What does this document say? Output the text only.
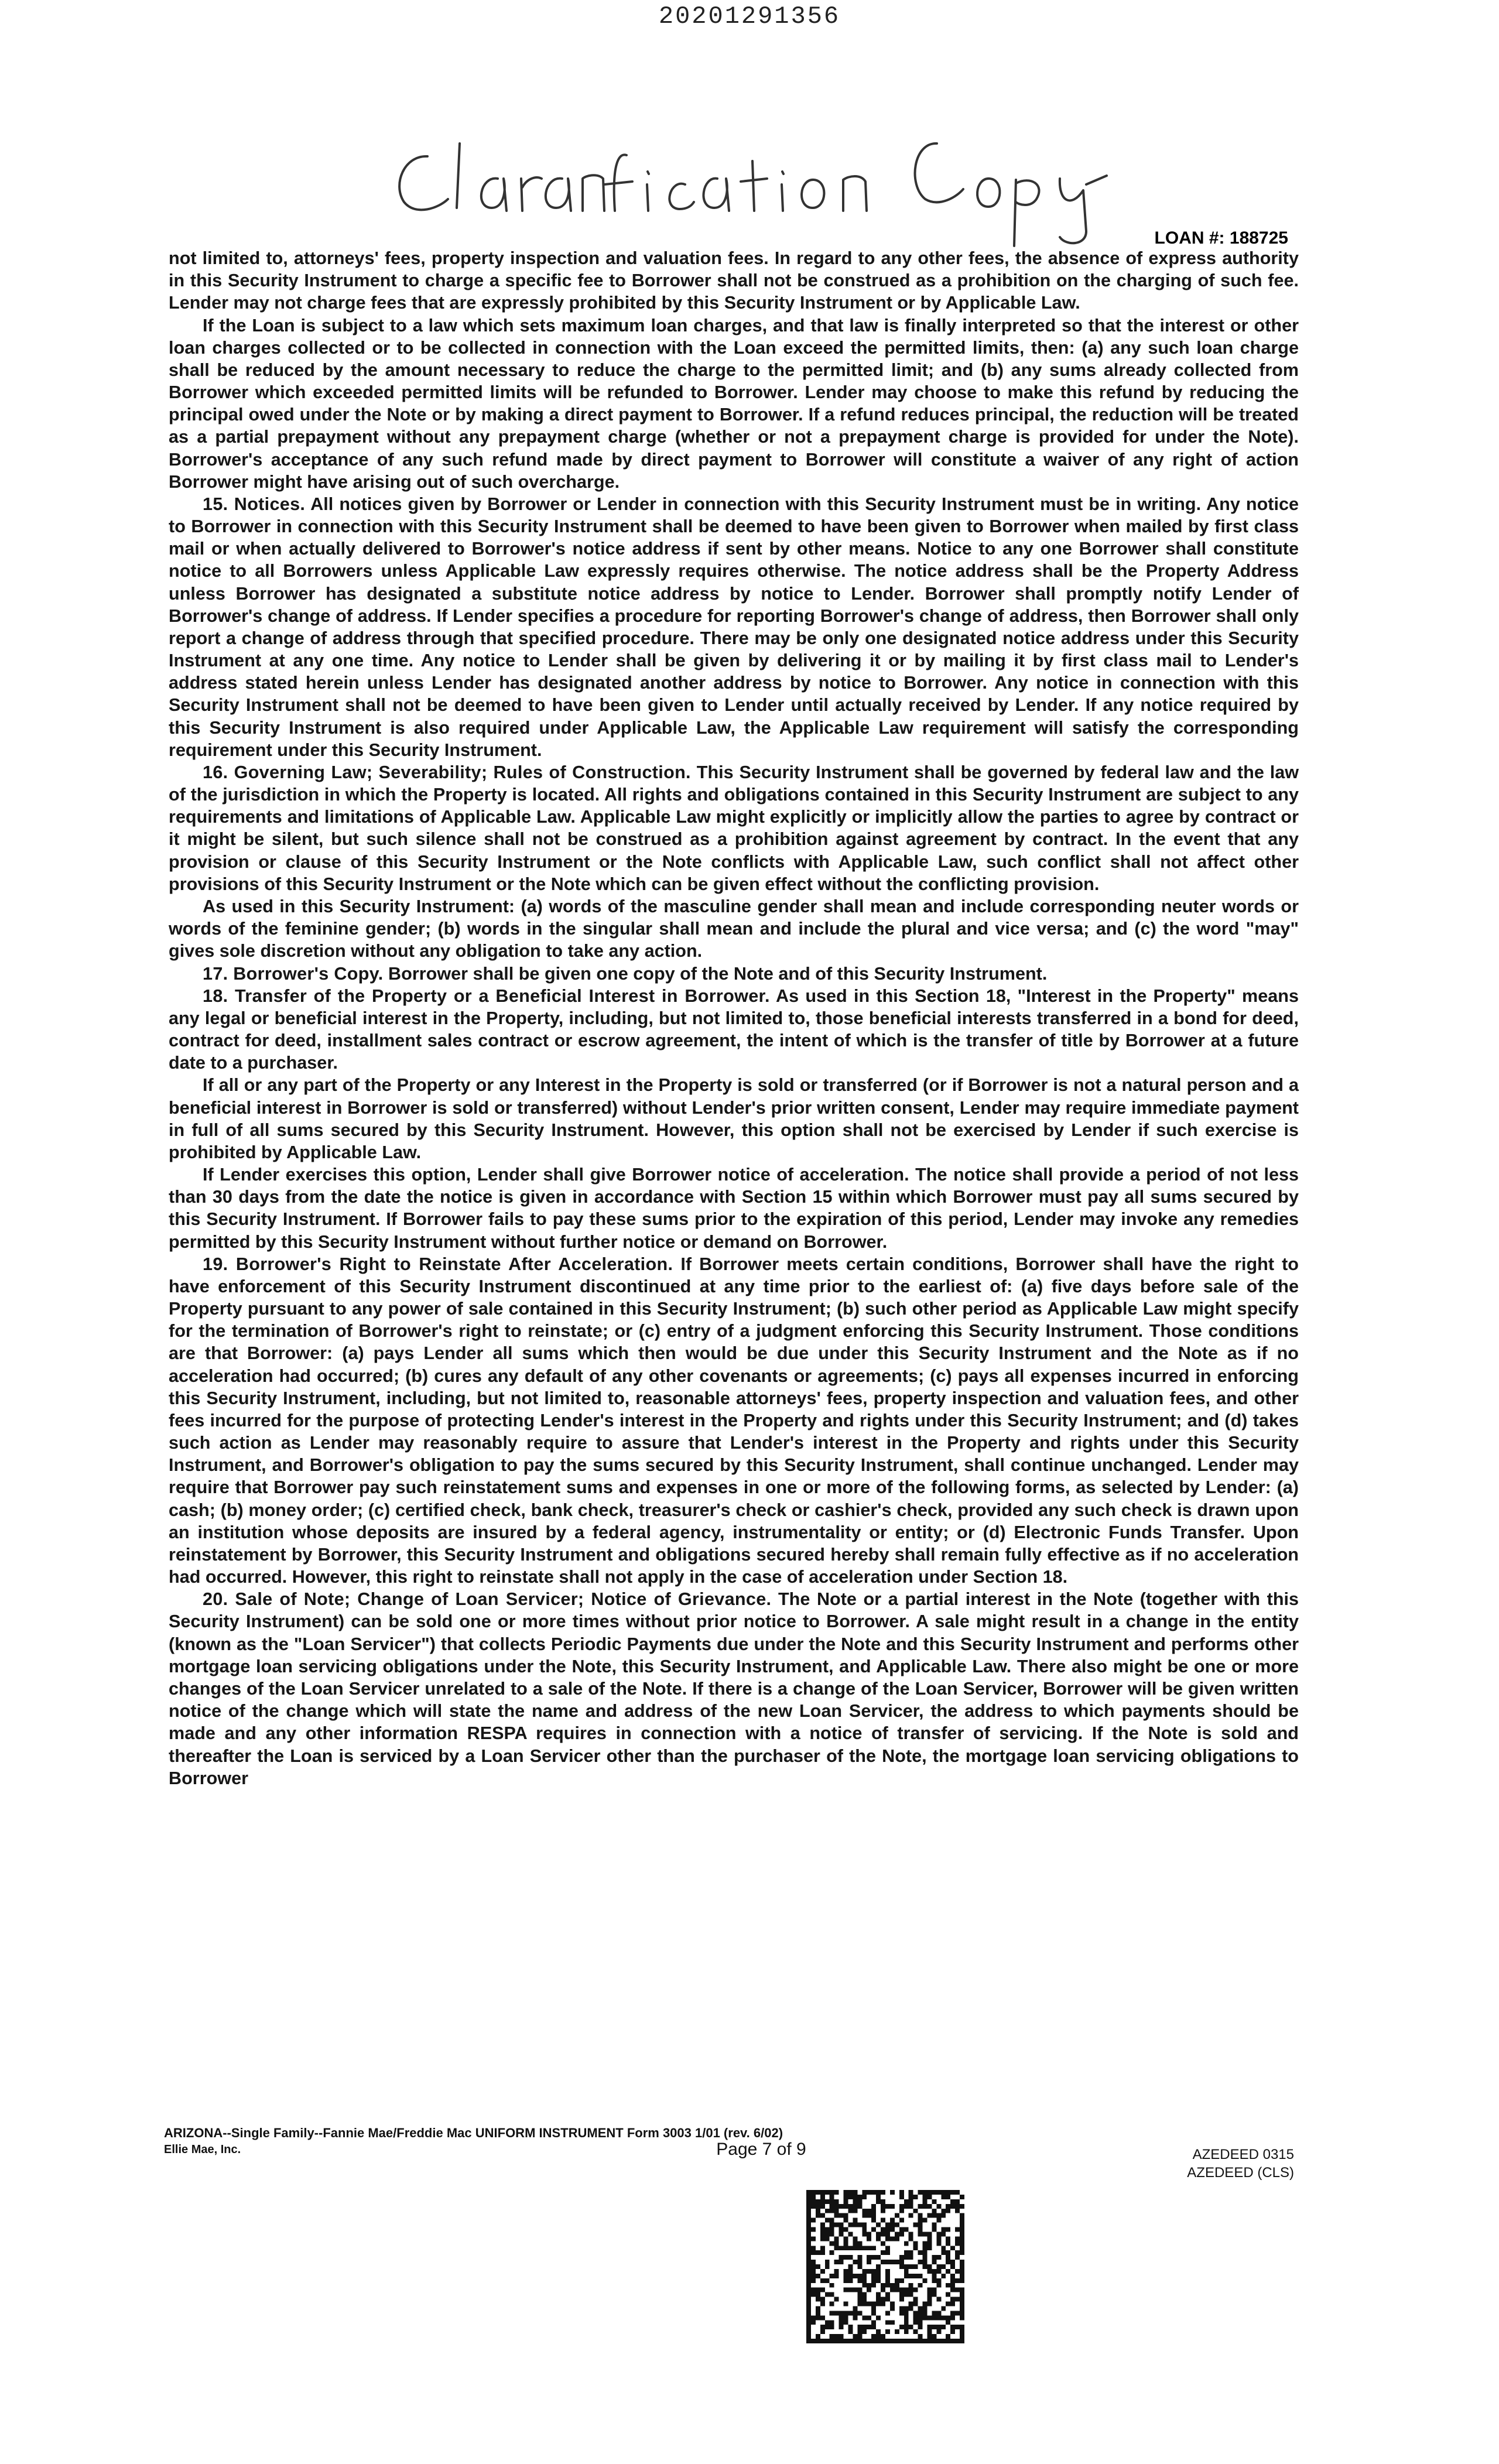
20201291356
LOAN #: 188725

not limited to, attorneys' fees, property inspection and valuation fees. In regard to any other fees, the absence of express authority in this Security Instrument to charge a specific fee to Borrower shall not be construed as a prohibition on the charging of such fee. Lender may not charge fees that are expressly prohibited by this Security Instrument or by Applicable Law.

If the Loan is subject to a law which sets maximum loan charges, and that law is finally interpreted so that the interest or other loan charges collected or to be collected in connection with the Loan exceed the permitted limits, then: (a) any such loan charge shall be reduced by the amount necessary to reduce the charge to the permitted limit; and (b) any sums already collected from Borrower which exceeded permitted limits will be refunded to Borrower. Lender may choose to make this refund by reducing the principal owed under the Note or by making a direct payment to Borrower. If a refund reduces principal, the reduction will be treated as a partial prepayment without any prepayment charge (whether or not a prepayment charge is provided for under the Note). Borrower's acceptance of any such refund made by direct payment to Borrower will constitute a waiver of any right of action Borrower might have arising out of such overcharge.

15. Notices. All notices given by Borrower or Lender in connection with this Security Instrument must be in writing. Any notice to Borrower in connection with this Security Instrument shall be deemed to have been given to Borrower when mailed by first class mail or when actually delivered to Borrower's notice address if sent by other means. Notice to any one Borrower shall constitute notice to all Borrowers unless Applicable Law expressly requires otherwise. The notice address shall be the Property Address unless Borrower has designated a substitute notice address by notice to Lender. Borrower shall promptly notify Lender of Borrower's change of address. If Lender specifies a procedure for reporting Borrower's change of address, then Borrower shall only report a change of address through that specified procedure. There may be only one designated notice address under this Security Instrument at any one time. Any notice to Lender shall be given by delivering it or by mailing it by first class mail to Lender's address stated herein unless Lender has designated another address by notice to Borrower. Any notice in connection with this Security Instrument shall not be deemed to have been given to Lender until actually received by Lender. If any notice required by this Security Instrument is also required under Applicable Law, the Applicable Law requirement will satisfy the corresponding requirement under this Security Instrument.

16. Governing Law; Severability; Rules of Construction. This Security Instrument shall be governed by federal law and the law of the jurisdiction in which the Property is located. All rights and obligations contained in this Security Instrument are subject to any requirements and limitations of Applicable Law. Applicable Law might explicitly or implicitly allow the parties to agree by contract or it might be silent, but such silence shall not be construed as a prohibition against agreement by contract. In the event that any provision or clause of this Security Instrument or the Note conflicts with Applicable Law, such conflict shall not affect other provisions of this Security Instrument or the Note which can be given effect without the conflicting provision.

As used in this Security Instrument: (a) words of the masculine gender shall mean and include corresponding neuter words or words of the feminine gender; (b) words in the singular shall mean and include the plural and vice versa; and (c) the word "may" gives sole discretion without any obligation to take any action.

17. Borrower's Copy. Borrower shall be given one copy of the Note and of this Security Instrument.

18. Transfer of the Property or a Beneficial Interest in Borrower. As used in this Section 18, "Interest in the Property" means any legal or beneficial interest in the Property, including, but not limited to, those beneficial interests transferred in a bond for deed, contract for deed, installment sales contract or escrow agreement, the intent of which is the transfer of title by Borrower at a future date to a purchaser.

If all or any part of the Property or any Interest in the Property is sold or transferred (or if Borrower is not a natural person and a beneficial interest in Borrower is sold or transferred) without Lender's prior written consent, Lender may require immediate payment in full of all sums secured by this Security Instrument. However, this option shall not be exercised by Lender if such exercise is prohibited by Applicable Law.

If Lender exercises this option, Lender shall give Borrower notice of acceleration. The notice shall provide a period of not less than 30 days from the date the notice is given in accordance with Section 15 within which Borrower must pay all sums secured by this Security Instrument. If Borrower fails to pay these sums prior to the expiration of this period, Lender may invoke any remedies permitted by this Security Instrument without further notice or demand on Borrower.

19. Borrower's Right to Reinstate After Acceleration. If Borrower meets certain conditions, Borrower shall have the right to have enforcement of this Security Instrument discontinued at any time prior to the earliest of: (a) five days before sale of the Property pursuant to any power of sale contained in this Security Instrument; (b) such other period as Applicable Law might specify for the termination of Borrower's right to reinstate; or (c) entry of a judgment enforcing this Security Instrument. Those conditions are that Borrower: (a) pays Lender all sums which then would be due under this Security Instrument and the Note as if no acceleration had occurred; (b) cures any default of any other covenants or agreements; (c) pays all expenses incurred in enforcing this Security Instrument, including, but not limited to, reasonable attorneys' fees, property inspection and valuation fees, and other fees incurred for the purpose of protecting Lender's interest in the Property and rights under this Security Instrument; and (d) takes such action as Lender may reasonably require to assure that Lender's interest in the Property and rights under this Security Instrument, and Borrower's obligation to pay the sums secured by this Security Instrument, shall continue unchanged. Lender may require that Borrower pay such reinstatement sums and expenses in one or more of the following forms, as selected by Lender: (a) cash; (b) money order; (c) certified check, bank check, treasurer's check or cashier's check, provided any such check is drawn upon an institution whose deposits are insured by a federal agency, instrumentality or entity; or (d) Electronic Funds Transfer. Upon reinstatement by Borrower, this Security Instrument and obligations secured hereby shall remain fully effective as if no acceleration had occurred. However, this right to reinstate shall not apply in the case of acceleration under Section 18.

20. Sale of Note; Change of Loan Servicer; Notice of Grievance. The Note or a partial interest in the Note (together with this Security Instrument) can be sold one or more times without prior notice to Borrower. A sale might result in a change in the entity (known as the "Loan Servicer") that collects Periodic Payments due under the Note and this Security Instrument and performs other mortgage loan servicing obligations under the Note, this Security Instrument, and Applicable Law. There also might be one or more changes of the Loan Servicer unrelated to a sale of the Note. If there is a change of the Loan Servicer, Borrower will be given written notice of the change which will state the name and address of the new Loan Servicer, the address to which payments should be made and any other information RESPA requires in connection with a notice of transfer of servicing. If the Note is sold and thereafter the Loan is serviced by a Loan Servicer other than the purchaser of the Note, the mortgage loan servicing obligations to Borrower

ARIZONA--Single Family--Fannie Mae/Freddie Mac UNIFORM INSTRUMENT Form 3003 1/01 (rev. 6/02)
Ellie Mae, Inc.	Page 7 of 9	AZEDEED 0315
AZEDEED (CLS)
